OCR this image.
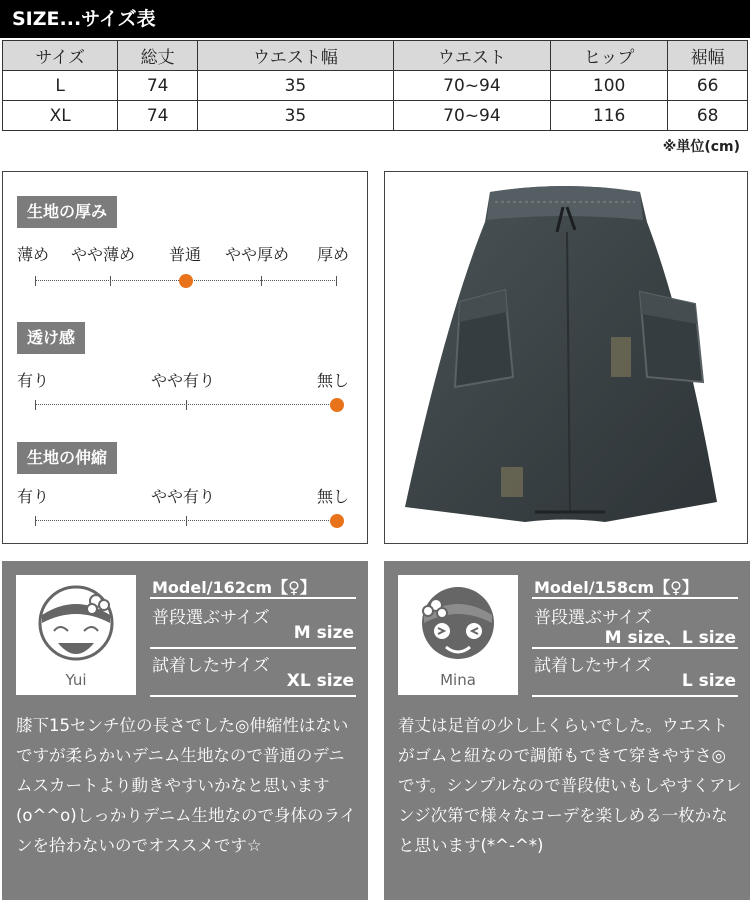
SIZE...サイズ表
サイズ	総丈	ウエスト幅	ウエスト	ヒップ	裾幅
L	74	35	70~94	100	66
XL	74	35	70~94	116	68
※単位(cm)
生地の厚み
薄め やや薄め 普通 やや厚め 厚め
透け感
有り	やや有り	無し
生地の伸縮
有り	やや有り	無し
Yui
Model/162cm【♀】
普段選ぶサイズ
M size
試着したサイズ
XL size
膝下15センチ位の長さでした◎伸縮性はないですが柔らかいデニム生地なので普通のデニムスカートより動きやすいかなと思います(o^^o)しっかりデニム生地なので身体のラインを拾わないのでオススメです☆
Mina
Model/158cm【♀】
普段選ぶサイズ
M size、L size
試着したサイズ
L size
着丈は足首の少し上くらいでした。ウエストがゴムと紐なので調節もできて穿きやすさ◎です。シンプルなので普段使いもしやすくアレンジ次第で様々なコーデを楽しめる一枚かなと思います(*^-^*)
